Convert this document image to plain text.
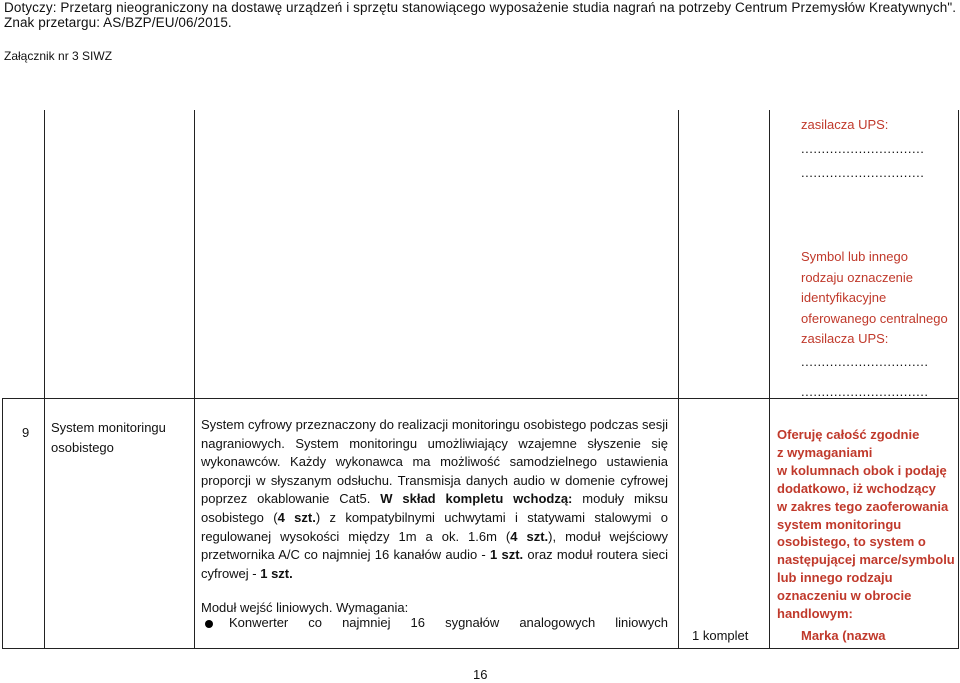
Dotyczy: Przetarg nieograniczony na dostawę urządzeń i sprzętu stanowiącego wyposażenie studia nagrań na potrzeby Centrum Przemysłów Kreatywnych".
Znak przetargu: AS/BZP/EU/06/2015.
Załącznik nr 3 SIWZ
zasilacza UPS:
..............................
..............................
Symbol lub innego
rodzaju oznaczenie
identyfikacyjne
oferowanego centralnego
zasilacza UPS:
...............................
...............................
9 System monitoringu osobistego

System cyfrowy przeznaczony do realizacji monitoringu osobistego podczas sesji nagraniowych. System monitoringu umożliwiający wzajemne słyszenie się wykonawców. Każdy wykonawca ma możliwość samodzielnego ustawienia proporcji w słyszanym odsłuchu. Transmisja danych audio w domenie cyfrowej poprzez okablowanie Cat5. W skład kompletu wchodzą: moduły miksu osobistego (4 szt.) z kompatybilnymi uchwytami i statywami stalowymi o regulowanej wysokości między 1m a ok. 1.6m (4 szt.), moduł wejściowy przetwornika A/C co najmniej 16 kanałów audio - 1 szt. oraz moduł routera sieci cyfrowej - 1 szt.

Moduł wejść liniowych. Wymagania:

Konwerter co najmniej 16 sygnałów analogowych liniowych
1 komplet
Oferuję całość zgodnie
z wymaganiami
w kolumnach obok i podaję
dodatkowo, iż wchodzący
w zakres tego zaoferowania
system monitoringu
osobistego, to system o
następującej marce/symbolu
lub innego rodzaju
oznaczeniu w obrocie
handlowym:
Marka (nazwa
16
